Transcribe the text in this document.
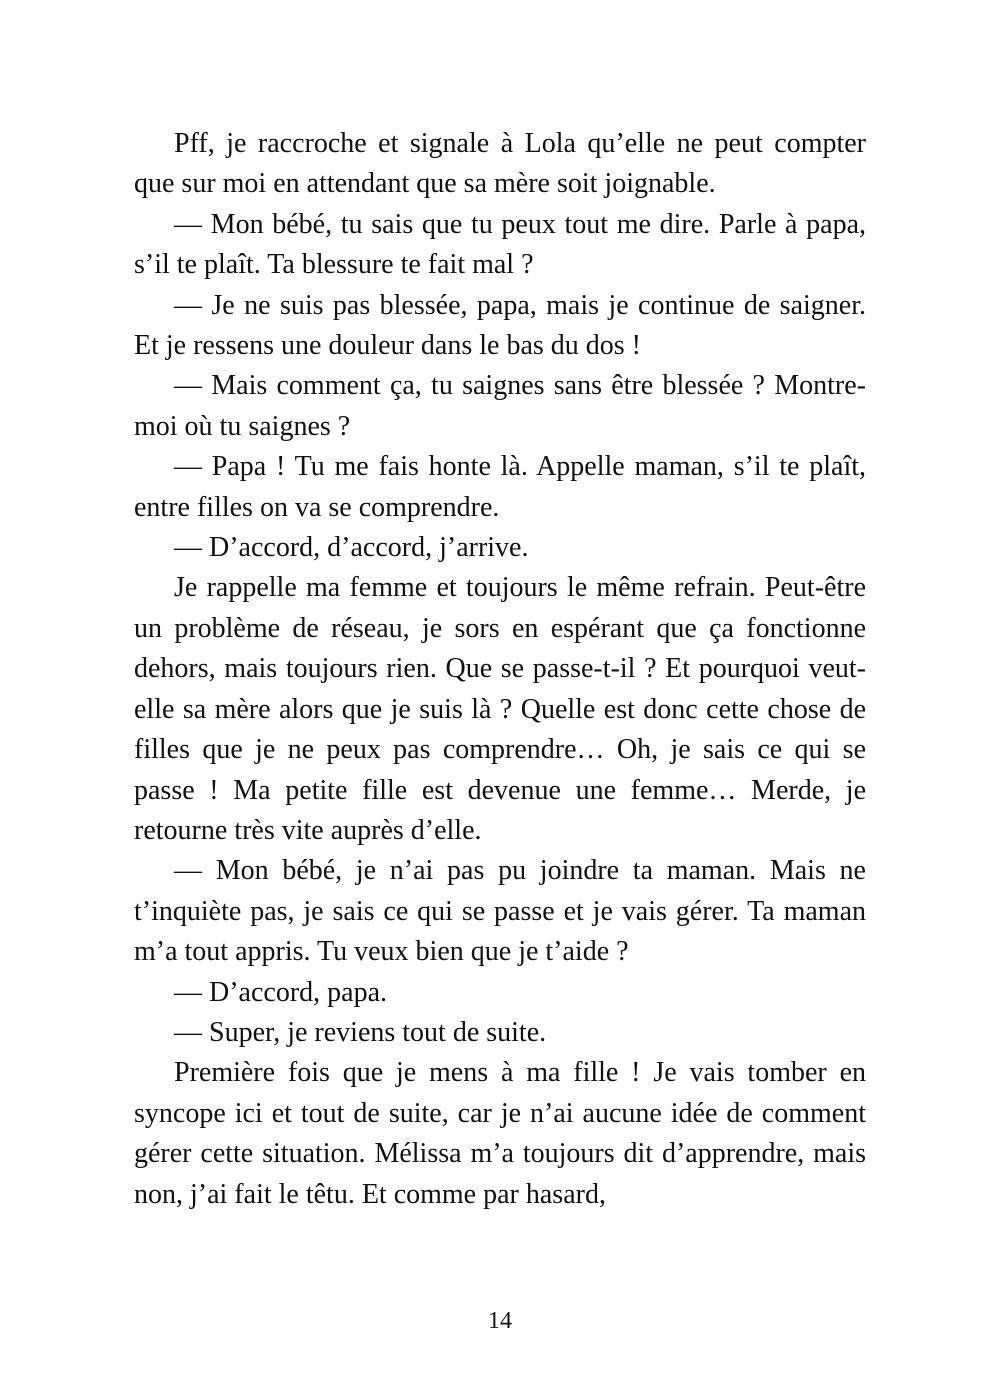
Pff, je raccroche et signale à Lola qu’elle ne peut compter que sur moi en attendant que sa mère soit joignable.

— Mon bébé, tu sais que tu peux tout me dire. Parle à papa, s’il te plaît. Ta blessure te fait mal ?

— Je ne suis pas blessée, papa, mais je continue de saigner. Et je ressens une douleur dans le bas du dos !

— Mais comment ça, tu saignes sans être blessée ? Montre-moi où tu saignes ?

— Papa ! Tu me fais honte là. Appelle maman, s’il te plaît, entre filles on va se comprendre.

— D’accord, d’accord, j’arrive.

Je rappelle ma femme et toujours le même refrain. Peut-être un problème de réseau, je sors en espérant que ça fonctionne dehors, mais toujours rien. Que se passe-t-il ? Et pourquoi veut-elle sa mère alors que je suis là ? Quelle est donc cette chose de filles que je ne peux pas comprendre… Oh, je sais ce qui se passe ! Ma petite fille est devenue une femme… Merde, je retourne très vite auprès d’elle.

— Mon bébé, je n’ai pas pu joindre ta maman. Mais ne t’inquiète pas, je sais ce qui se passe et je vais gérer. Ta maman m’a tout appris. Tu veux bien que je t’aide ?

— D’accord, papa.

— Super, je reviens tout de suite.

Première fois que je mens à ma fille ! Je vais tomber en syncope ici et tout de suite, car je n’ai aucune idée de comment gérer cette situation. Mélissa m’a toujours dit d’apprendre, mais non, j’ai fait le têtu. Et comme par hasard,

14
